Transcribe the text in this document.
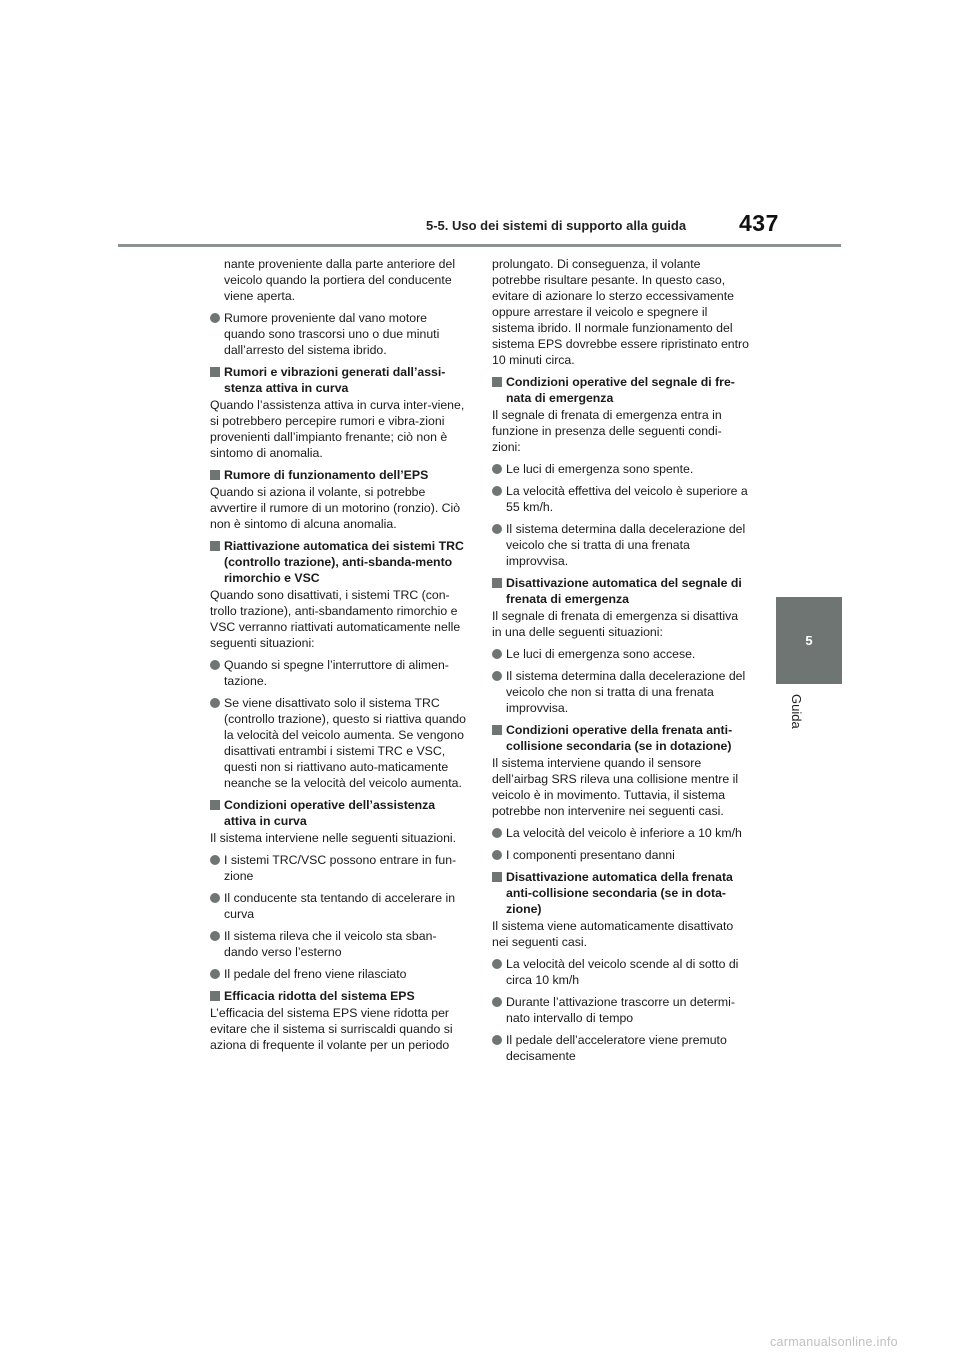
5-5. Uso dei sistemi di supporto alla guida 437
5
Guida
nante proveniente dalla parte anteriore del veicolo quando la portiera del conducente viene aperta.
Rumore proveniente dal vano motore quando sono trascorsi uno o due minuti dall’arresto del sistema ibrido.
Rumori e vibrazioni generati dall’assi-stenza attiva in curva
Quando l’assistenza attiva in curva inter-viene, si potrebbero percepire rumori e vibra-zioni provenienti dall’impianto frenante; ciò non è sintomo di anomalia.
Rumore di funzionamento dell’EPS
Quando si aziona il volante, si potrebbe avvertire il rumore di un motorino (ronzio). Ciò non è sintomo di alcuna anomalia.
Riattivazione automatica dei sistemi TRC (controllo trazione), anti-sbanda-mento rimorchio e VSC
Quando sono disattivati, i sistemi TRC (con-trollo trazione), anti-sbandamento rimorchio e VSC verranno riattivati automaticamente nelle seguenti situazioni:
Quando si spegne l’interruttore di alimen-tazione.
Se viene disattivato solo il sistema TRC (controllo trazione), questo si riattiva quando la velocità del veicolo aumenta. Se vengono disattivati entrambi i sistemi TRC e VSC, questi non si riattivano auto-maticamente neanche se la velocità del veicolo aumenta.
Condizioni operative dell’assistenza attiva in curva
Il sistema interviene nelle seguenti situazioni.
I sistemi TRC/VSC possono entrare in fun-zione
Il conducente sta tentando di accelerare in curva
Il sistema rileva che il veicolo sta sban-dando verso l’esterno
Il pedale del freno viene rilasciato
Efficacia ridotta del sistema EPS
L’efficacia del sistema EPS viene ridotta per evitare che il sistema si surriscaldi quando si aziona di frequente il volante per un periodo
prolungato. Di conseguenza, il volante potrebbe risultare pesante. In questo caso, evitare di azionare lo sterzo eccessivamente oppure arrestare il veicolo e spegnere il sistema ibrido. Il normale funzionamento del sistema EPS dovrebbe essere ripristinato entro 10 minuti circa.
Condizioni operative del segnale di fre-nata di emergenza
Il segnale di frenata di emergenza entra in funzione in presenza delle seguenti condi-zioni:
Le luci di emergenza sono spente.
La velocità effettiva del veicolo è superiore a 55 km/h.
Il sistema determina dalla decelerazione del veicolo che si tratta di una frenata improvvisa.
Disattivazione automatica del segnale di frenata di emergenza
Il segnale di frenata di emergenza si disattiva in una delle seguenti situazioni:
Le luci di emergenza sono accese.
Il sistema determina dalla decelerazione del veicolo che non si tratta di una frenata improvvisa.
Condizioni operative della frenata anti-collisione secondaria (se in dotazione)
Il sistema interviene quando il sensore dell’airbag SRS rileva una collisione mentre il veicolo è in movimento. Tuttavia, il sistema potrebbe non intervenire nei seguenti casi.
La velocità del veicolo è inferiore a 10 km/h
I componenti presentano danni
Disattivazione automatica della frenata anti-collisione secondaria (se in dota-zione)
Il sistema viene automaticamente disattivato nei seguenti casi.
La velocità del veicolo scende al di sotto di circa 10 km/h
Durante l’attivazione trascorre un determi-nato intervallo di tempo
Il pedale dell’acceleratore viene premuto decisamente
carmanualsonline.info
